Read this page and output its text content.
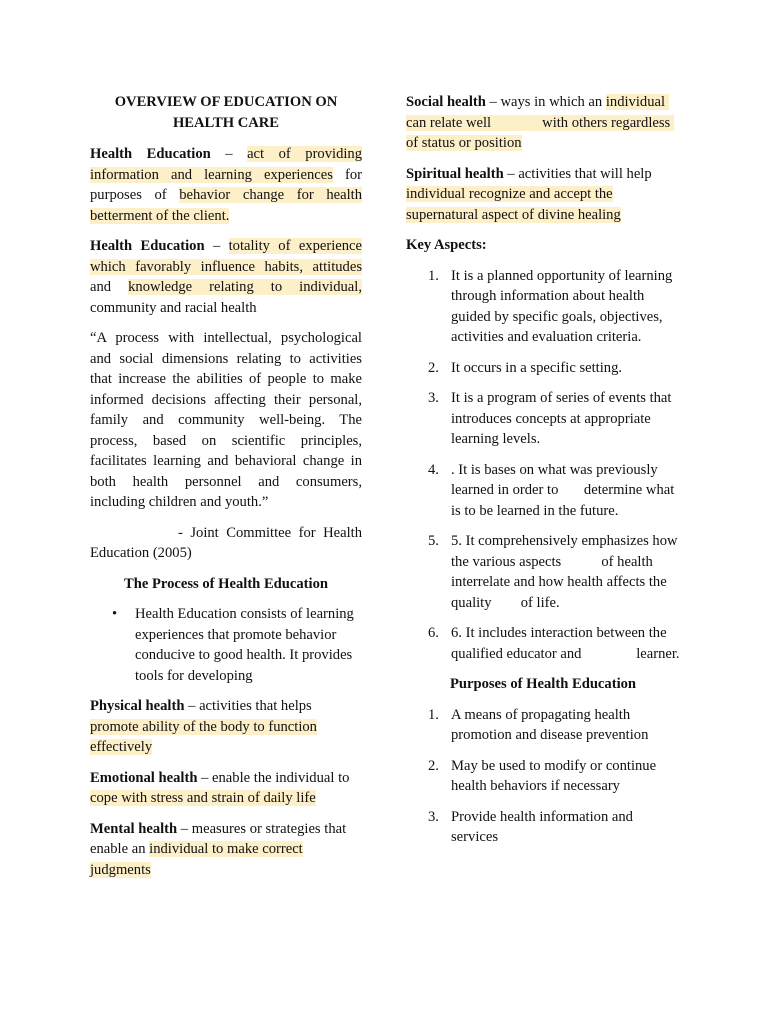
OVERVIEW OF EDUCATION ON HEALTH CARE

Health Education – act of providing information and learning experiences for purposes of behavior change for health betterment of the client.

Health Education – totality of experience which favorably influence habits, attitudes and knowledge relating to individual, community and racial health

“A process with intellectual, psychological and social dimensions relating to activities that increase the abilities of people to make informed decisions affecting their personal, family and community well-being. The process, based on scientific principles, facilitates learning and behavioral change in both health personnel and consumers, including children and youth.”

- Joint Committee for Health Education (2005)

The Process of Health Education

• Health Education consists of learning experiences that promote behavior conducive to good health. It provides tools for developing

Physical health – activities that helps promote ability of the body to function effectively

Emotional health – enable the individual to cope with stress and strain of daily life

Mental health – measures or strategies that enable an individual to make correct judgments

Social health – ways in which an individual can relate well              with others regardless of status or position

Spiritual health – activities that will help individual recognize and accept the supernatural aspect of divine healing

Key Aspects:

1. It is a planned opportunity of learning through information about health guided by specific goals, objectives, activities and evaluation criteria.
2. It occurs in a specific setting.
3. It is a program of series of events that introduces concepts at appropriate learning levels.
4. . It is bases on what was previously learned in order to       determine what is to be learned in the future.
5. 5. It comprehensively emphasizes how the various aspects           of health interrelate and how health affects the quality        of life.
6. 6. It includes interaction between the qualified educator and               learner.

Purposes of Health Education

1. A means of propagating health promotion and disease prevention
2. May be used to modify or continue health behaviors if necessary
3. Provide health information and services
